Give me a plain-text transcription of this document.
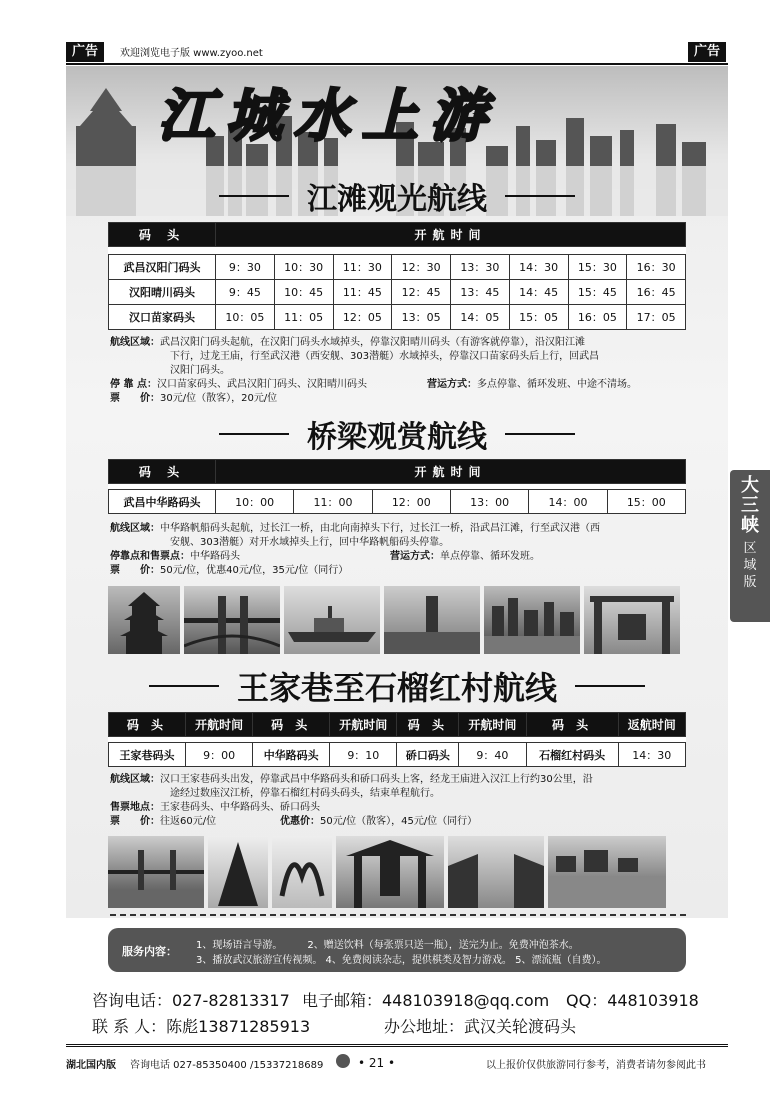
广告	欢迎浏览电子版 www.zyoo.net	广告
江城水上游
江滩观光航线
码 头	开航时间							

武昌汉阳门码头	9：30	10：30	11：30	12：30	13：30	14：30	15：30	16：30
汉阳晴川码头	9：45	10：45	11：45	12：45	13：45	14：45	15：45	16：45
汉口苗家码头	10：05	11：05	12：05	13：05	14：05	15：05	16：05	17：05
航线区域： 武昌汉阳门码头起航，在汉阳门码头水域掉头，停靠汉阳晴川码头（有游客就停靠），沿汉阳江滩
下行，过龙王庙，行至武汉港（西安舰、303潜艇）水域掉头，停靠汉口苗家码头后上行，回武昌
汉阳门码头。
停 靠 点： 汉口苗家码头、武昌汉阳门码头、汉阳晴川码头	营运方式： 多点停靠、循环发班、中途不清场。
票　　价： 30元/位（散客），20元/位
桥梁观赏航线
码 头	开航时间					

武昌中华路码头	10：00	11：00	12：00	13：00	14：00	15：00
航线区域： 中华路帆船码头起航，过长江一桥，由北向南掉头下行，过长江一桥，沿武昌江滩，行至武汉港（西
安舰、303潜艇）对开水域掉头上行，回中华路帆船码头停靠。
停靠点和售票点： 中华路码头	营运方式： 单点停靠、循环发班。
票　　价： 50元/位，优惠40元/位，35元/位（同行）
王家巷至石榴红村航线
码 头	开航时间	码 头	开航时间	码 头	开航时间	码 头	返航时间

王家巷码头	9：00	中华路码头	9：10	硚口码头	9：40	石榴红村码头	14：30
航线区域： 汉口王家巷码头出发，停靠武昌中华路码头和硚口码头上客，经龙王庙进入汉江上行约30公里，沿
途经过数座汉江桥，停靠石榴红村码头码头，结束单程航行。
售票地点： 王家巷码头、中华路码头、硚口码头
票　　价： 往返60元/位	优惠价： 50元/位（散客），45元/位（同行）
服务内容： 1、现场语言导游。　　　2、赠送饮料（每张票只送一瓶），送完为止。免费冲泡茶水。
3、播放武汉旅游宣传视频。 4、免费阅读杂志，提供棋类及智力游戏。 5、漂流瓶（自费）。
咨询电话：027-82813317 电子邮箱：448103918@qq.com QQ：448103918
联 系 人：陈彪13871285913	办公地址：武汉关轮渡码头
湖北国内版 咨询电话 027-85350400 /15337218689	• 21 •	以上报价仅供旅游同行参考，消费者请勿参阅此书
大三峡
区域版
